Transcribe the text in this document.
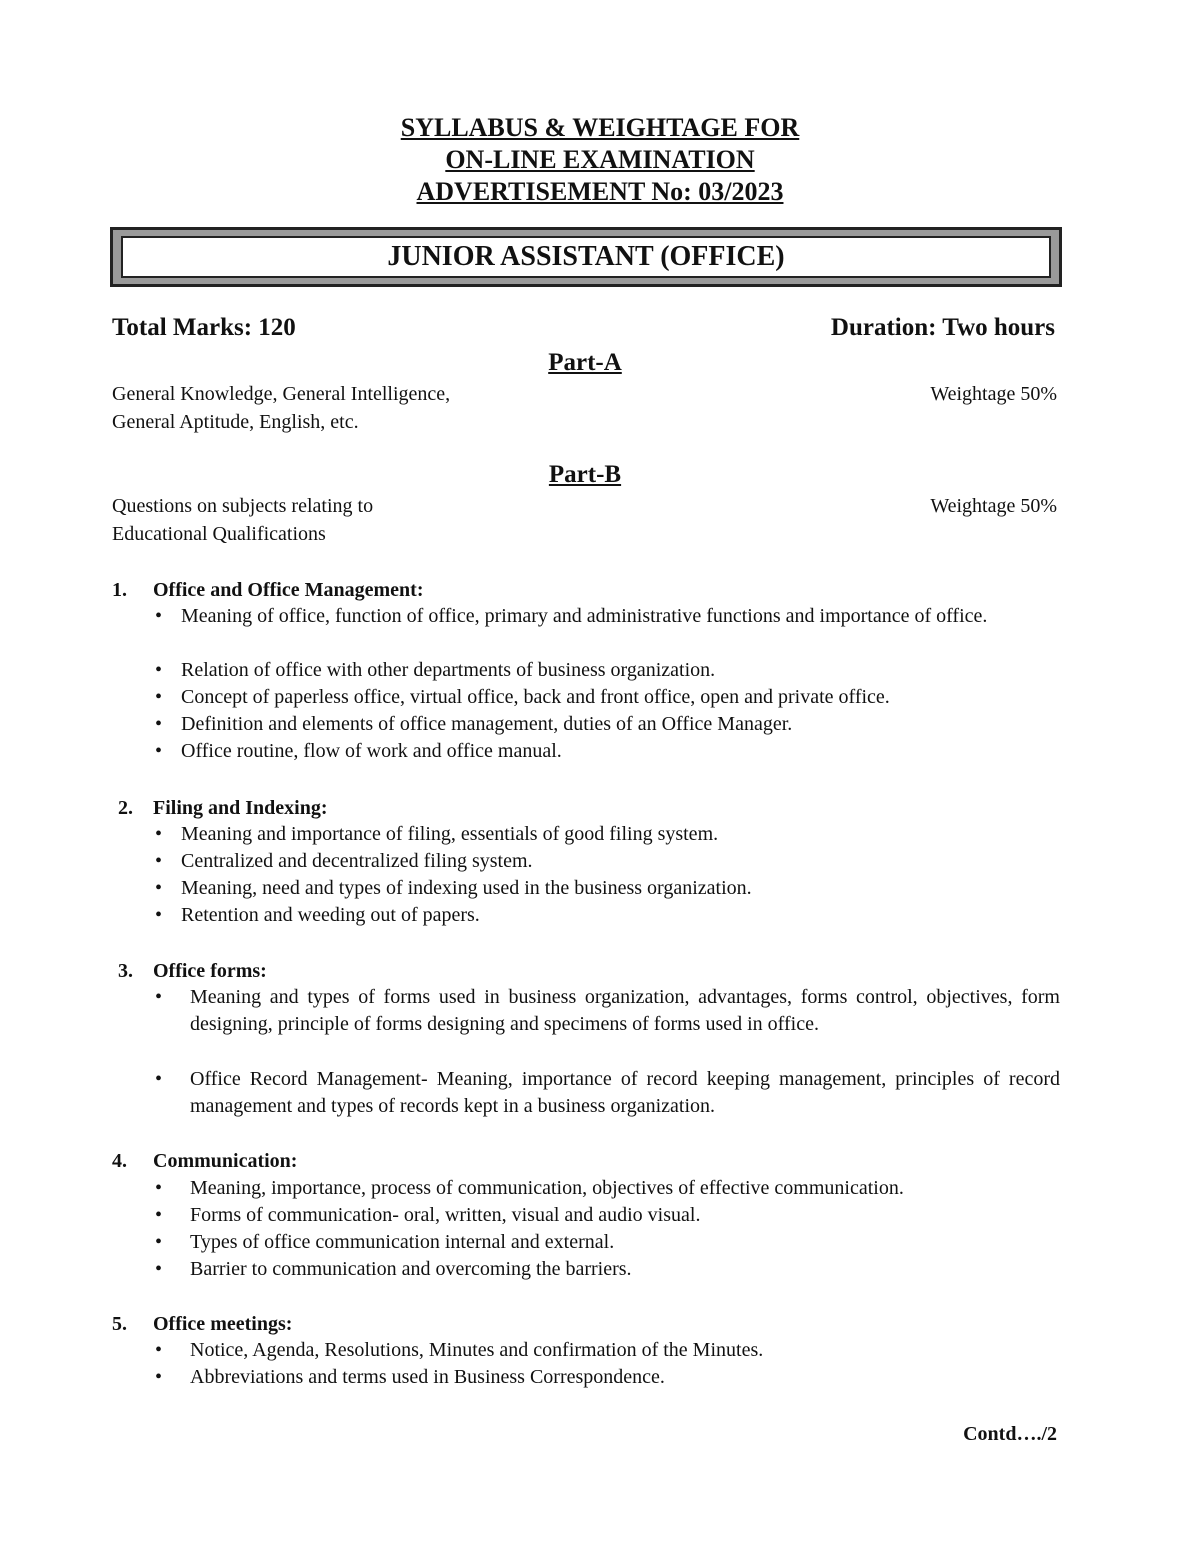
SYLLABUS & WEIGHTAGE FOR
ON-LINE EXAMINATION
ADVERTISEMENT No: 03/2023
JUNIOR ASSISTANT (OFFICE)
Total Marks: 120	Duration: Two hours
Part-A
General Knowledge, General Intelligence,
General Aptitude, English, etc.
Weightage 50%
Part-B
Questions on subjects relating to
Educational Qualifications
Weightage 50%
1. Office and Office Management:
• Meaning of office, function of office, primary and administrative functions and importance of office.
• Relation of office with other departments of business organization.
• Concept of paperless office, virtual office, back and front office, open and private office.
• Definition and elements of office management, duties of an Office Manager.
• Office routine, flow of work and office manual.
2. Filing and Indexing:
• Meaning and importance of filing, essentials of good filing system.
• Centralized and decentralized filing system.
• Meaning, need and types of indexing used in the business organization.
• Retention and weeding out of papers.
3. Office forms:
• Meaning and types of forms used in business organization, advantages, forms control, objectives, form designing, principle of forms designing and specimens of forms used in office.
• Office Record Management- Meaning, importance of record keeping management, principles of record management and types of records kept in a business organization.
4. Communication:
• Meaning, importance, process of communication, objectives of effective communication.
• Forms of communication- oral, written, visual and audio visual.
• Types of office communication internal and external.
• Barrier to communication and overcoming the barriers.
5. Office meetings:
• Notice, Agenda, Resolutions, Minutes and confirmation of the Minutes.
• Abbreviations and terms used in Business Correspondence.
Contd…./2
